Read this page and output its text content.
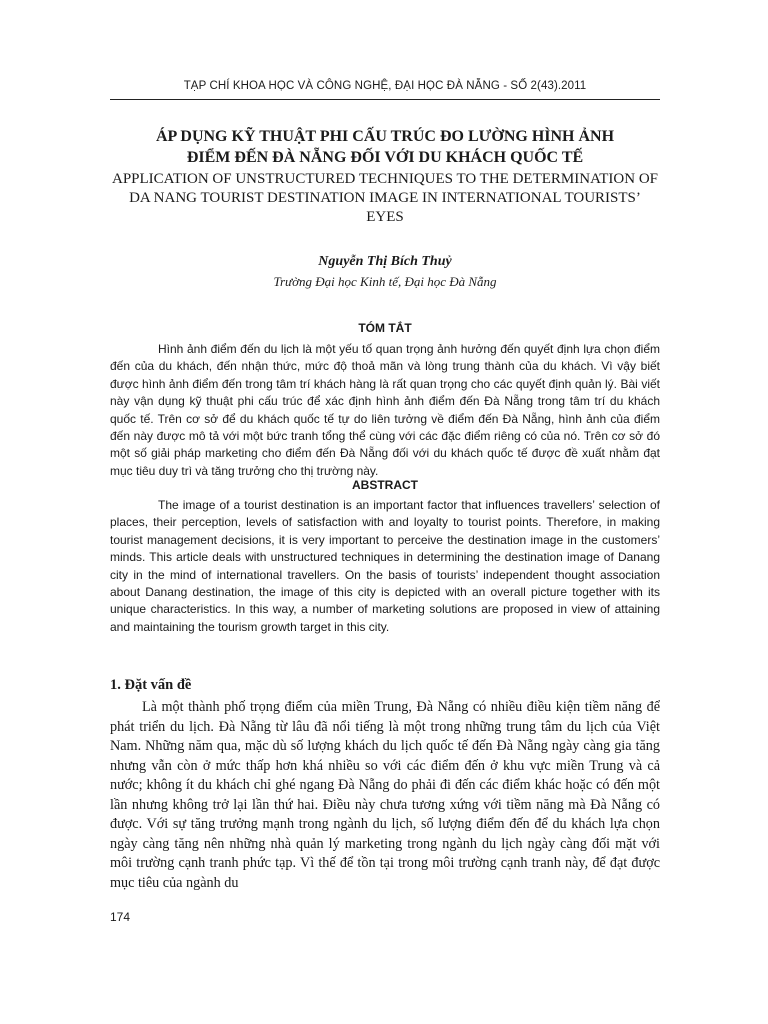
TẠP CHÍ KHOA HỌC VÀ CÔNG NGHỆ, ĐẠI HỌC ĐÀ NẴNG - SỐ 2(43).2011
ÁP DỤNG KỸ THUẬT PHI CẤU TRÚC ĐO LƯỜNG HÌNH ẢNH
ĐIỂM ĐẾN ĐÀ NẴNG ĐỐI VỚI DU KHÁCH QUỐC TẾ
APPLICATION OF UNSTRUCTURED TECHNIQUES TO THE DETERMINATION OF DA NANG TOURIST DESTINATION IMAGE IN INTERNATIONAL TOURISTS’ EYES
Nguyễn Thị Bích Thuỷ
Trường Đại học Kinh tế, Đại học Đà Nẵng
TÓM TẮT

Hình ảnh điểm đến du lịch là một yếu tố quan trọng ảnh hưởng đến quyết định lựa chọn điểm đến của du khách, đến nhận thức, mức độ thoả mãn và lòng trung thành của du khách. Vì vậy biết được hình ảnh điểm đến trong tâm trí khách hàng là rất quan trọng cho các quyết định quản lý. Bài viết này vận dụng kỹ thuật phi cấu trúc để xác định hình ảnh điểm đến Đà Nẵng trong tâm trí du khách quốc tế. Trên cơ sở để du khách quốc tế tự do liên tưởng về điểm đến Đà Nẵng, hình ảnh của điểm đến này được mô tả với một bức tranh tổng thể cùng với các đặc điểm riêng có của nó. Trên cơ sở đó một số giải pháp marketing cho điểm đến Đà Nẵng đối với du khách quốc tế được đề xuất nhằm đạt mục tiêu duy trì và tăng trưởng cho thị trường này.

ABSTRACT

The image of a tourist destination is an important factor that influences travellers’ selection of places, their perception, levels of satisfaction with and loyalty to tourist points. Therefore, in making tourist management decisions, it is very important to perceive the destination image in the customers’ minds. This article deals with unstructured techniques in determining the destination image of Danang city in the mind of international travellers. On the basis of tourists’ independent thought association about Danang destination, the image of this city is depicted with an overall picture together with its unique characteristics. In this way, a number of marketing solutions are proposed in view of attaining and maintaining the tourism growth target in this city.

1. Đặt vấn đề

Là một thành phố trọng điểm của miền Trung, Đà Nẵng có nhiều điều kiện tiềm năng để phát triển du lịch. Đà Nẵng từ lâu đã nổi tiếng là một trong những trung tâm du lịch của Việt Nam. Những năm qua, mặc dù số lượng khách du lịch quốc tế đến Đà Nẵng ngày càng gia tăng nhưng vẫn còn ở mức thấp hơn khá nhiều so với các điểm đến ở khu vực miền Trung và cả nước; không ít du khách chỉ ghé ngang Đà Nẵng do phải đi đến các điểm khác hoặc có đến một lần nhưng không trở lại lần thứ hai. Điều này chưa tương xứng với tiềm năng mà Đà Nẵng có được. Với sự tăng trưởng mạnh trong ngành du lịch, số lượng điểm đến để du khách lựa chọn ngày càng tăng nên những nhà quản lý marketing trong ngành du lịch ngày càng đối mặt với môi trường cạnh tranh phức tạp. Vì thế để tồn tại trong môi trường cạnh tranh này, để đạt được mục tiêu của ngành du

174
